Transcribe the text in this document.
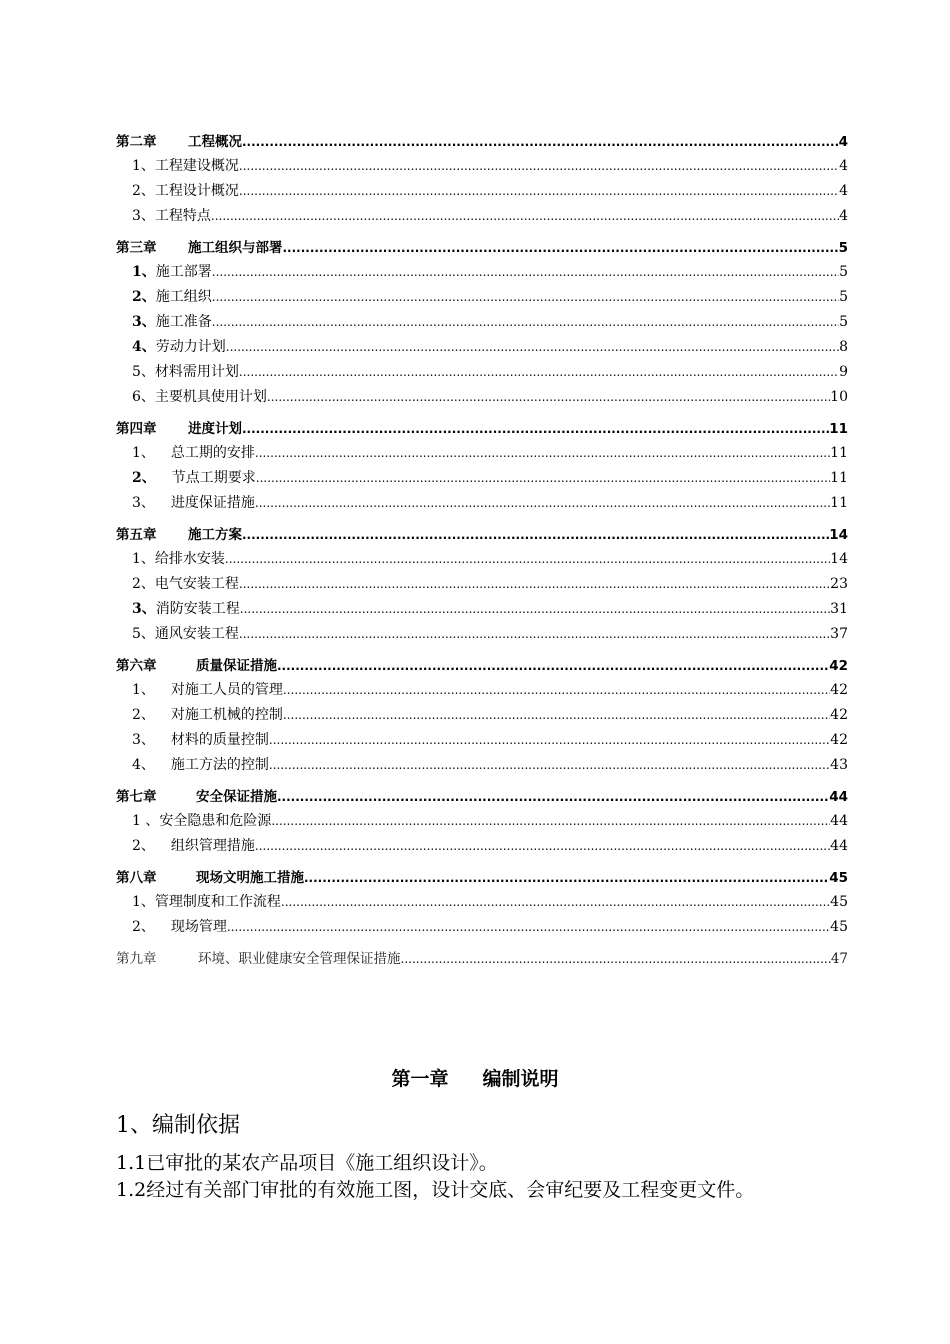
第二章 工程概况 .....	4
1、工程建设概况 .....	4
2、工程设计概况 .....	4
3、工程特点 .....	4
第三章 施工组织与部署 .....	5
1、施工部署 .....	5
2、施工组织 .....	5
3、施工准备 .....	5
4、劳动力计划 .....	8
5、材料需用计划 .....	9
6、主要机具使用计划 .....	10
第四章 进度计划 .....	11
1、 总工期的安排 .....	11
2、 节点工期要求 .....	11
3、 进度保证措施 .....	11
第五章 施工方案 .....	14
1、给排水安装 .....	14
2、电气安装工程 .....	23
3、消防安装工程 .....	31
5、通风安装工程 .....	37
第六章	质量保证措施 .....	42
1、 对施工人员的管理 .....	42
2、 对施工机械的控制 .....	42
3、 材料的质量控制 .....	42
4、 施工方法的控制 .....	43
第七章	安全保证措施 .....	44
1 、安全隐患和危险源 .....	44
2、 组织管理措施 .....	44
第八章	现场文明施工措施 .....	45
1、管理制度和工作流程 .....	45
2、 现场管理 .....	45
第九章	环境、职业健康安全管理保证措施 .....	47
第一章 编制说明
1、编制依据
1.1已审批的某农产品项目《施工组织设计》。
1.2经过有关部门审批的有效施工图，设计交底、会审纪要及工程变更文件。
